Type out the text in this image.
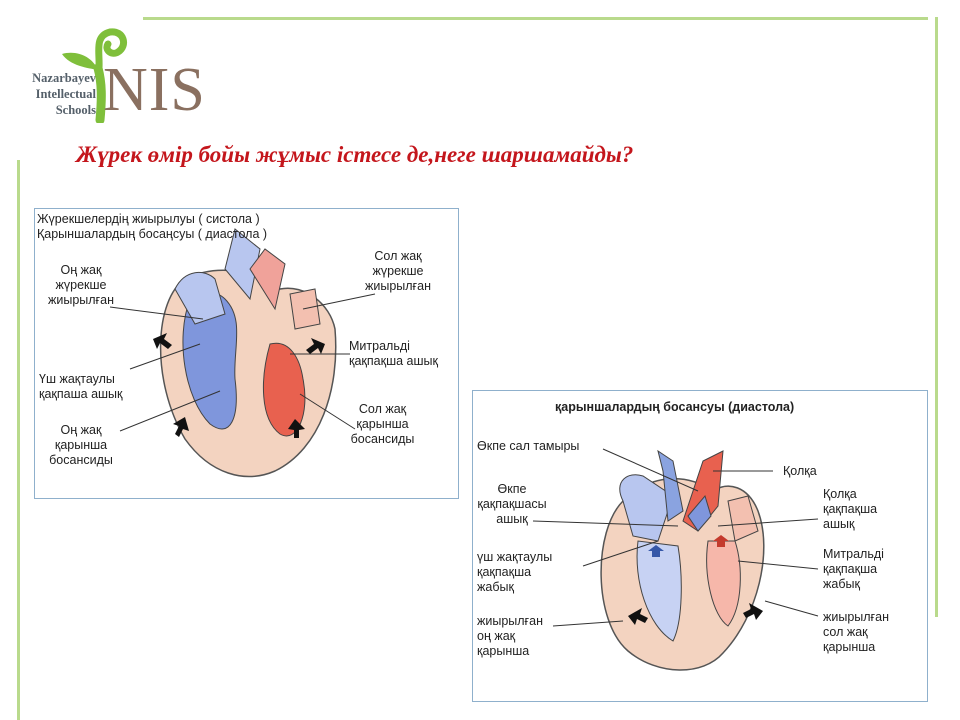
Nazarbayev
Intellectual
Schools NIS
Жүрек өмір бойы жұмыс істесе де,неге шаршамайды?
Жүрекшелердің жиырылуы ( систола )
Қарыншалардың босаңсуы ( диастола )
Оң жақ
жүрекше
жиырылған
Сол жақ
жүрекше
жиырылған
Үш жақтаулы
қақпаша ашық
Митральді
қақпақша ашық
Оң жақ
қарынша
босансиды
Сол жақ
қарынша
босансиды
қарыншалардың босансуы (диастола)
Өкпе сал тамыры
Қолқа
Өкпе
қақпақшасы
ашық
Қолқа
қақпақша
ашық
үш жақтаулы
қақпақша
жабық
Митральді
қақпақша
жабық
жиырылған
оң жақ
қарынша
жиырылған
сол жақ
қарынша
